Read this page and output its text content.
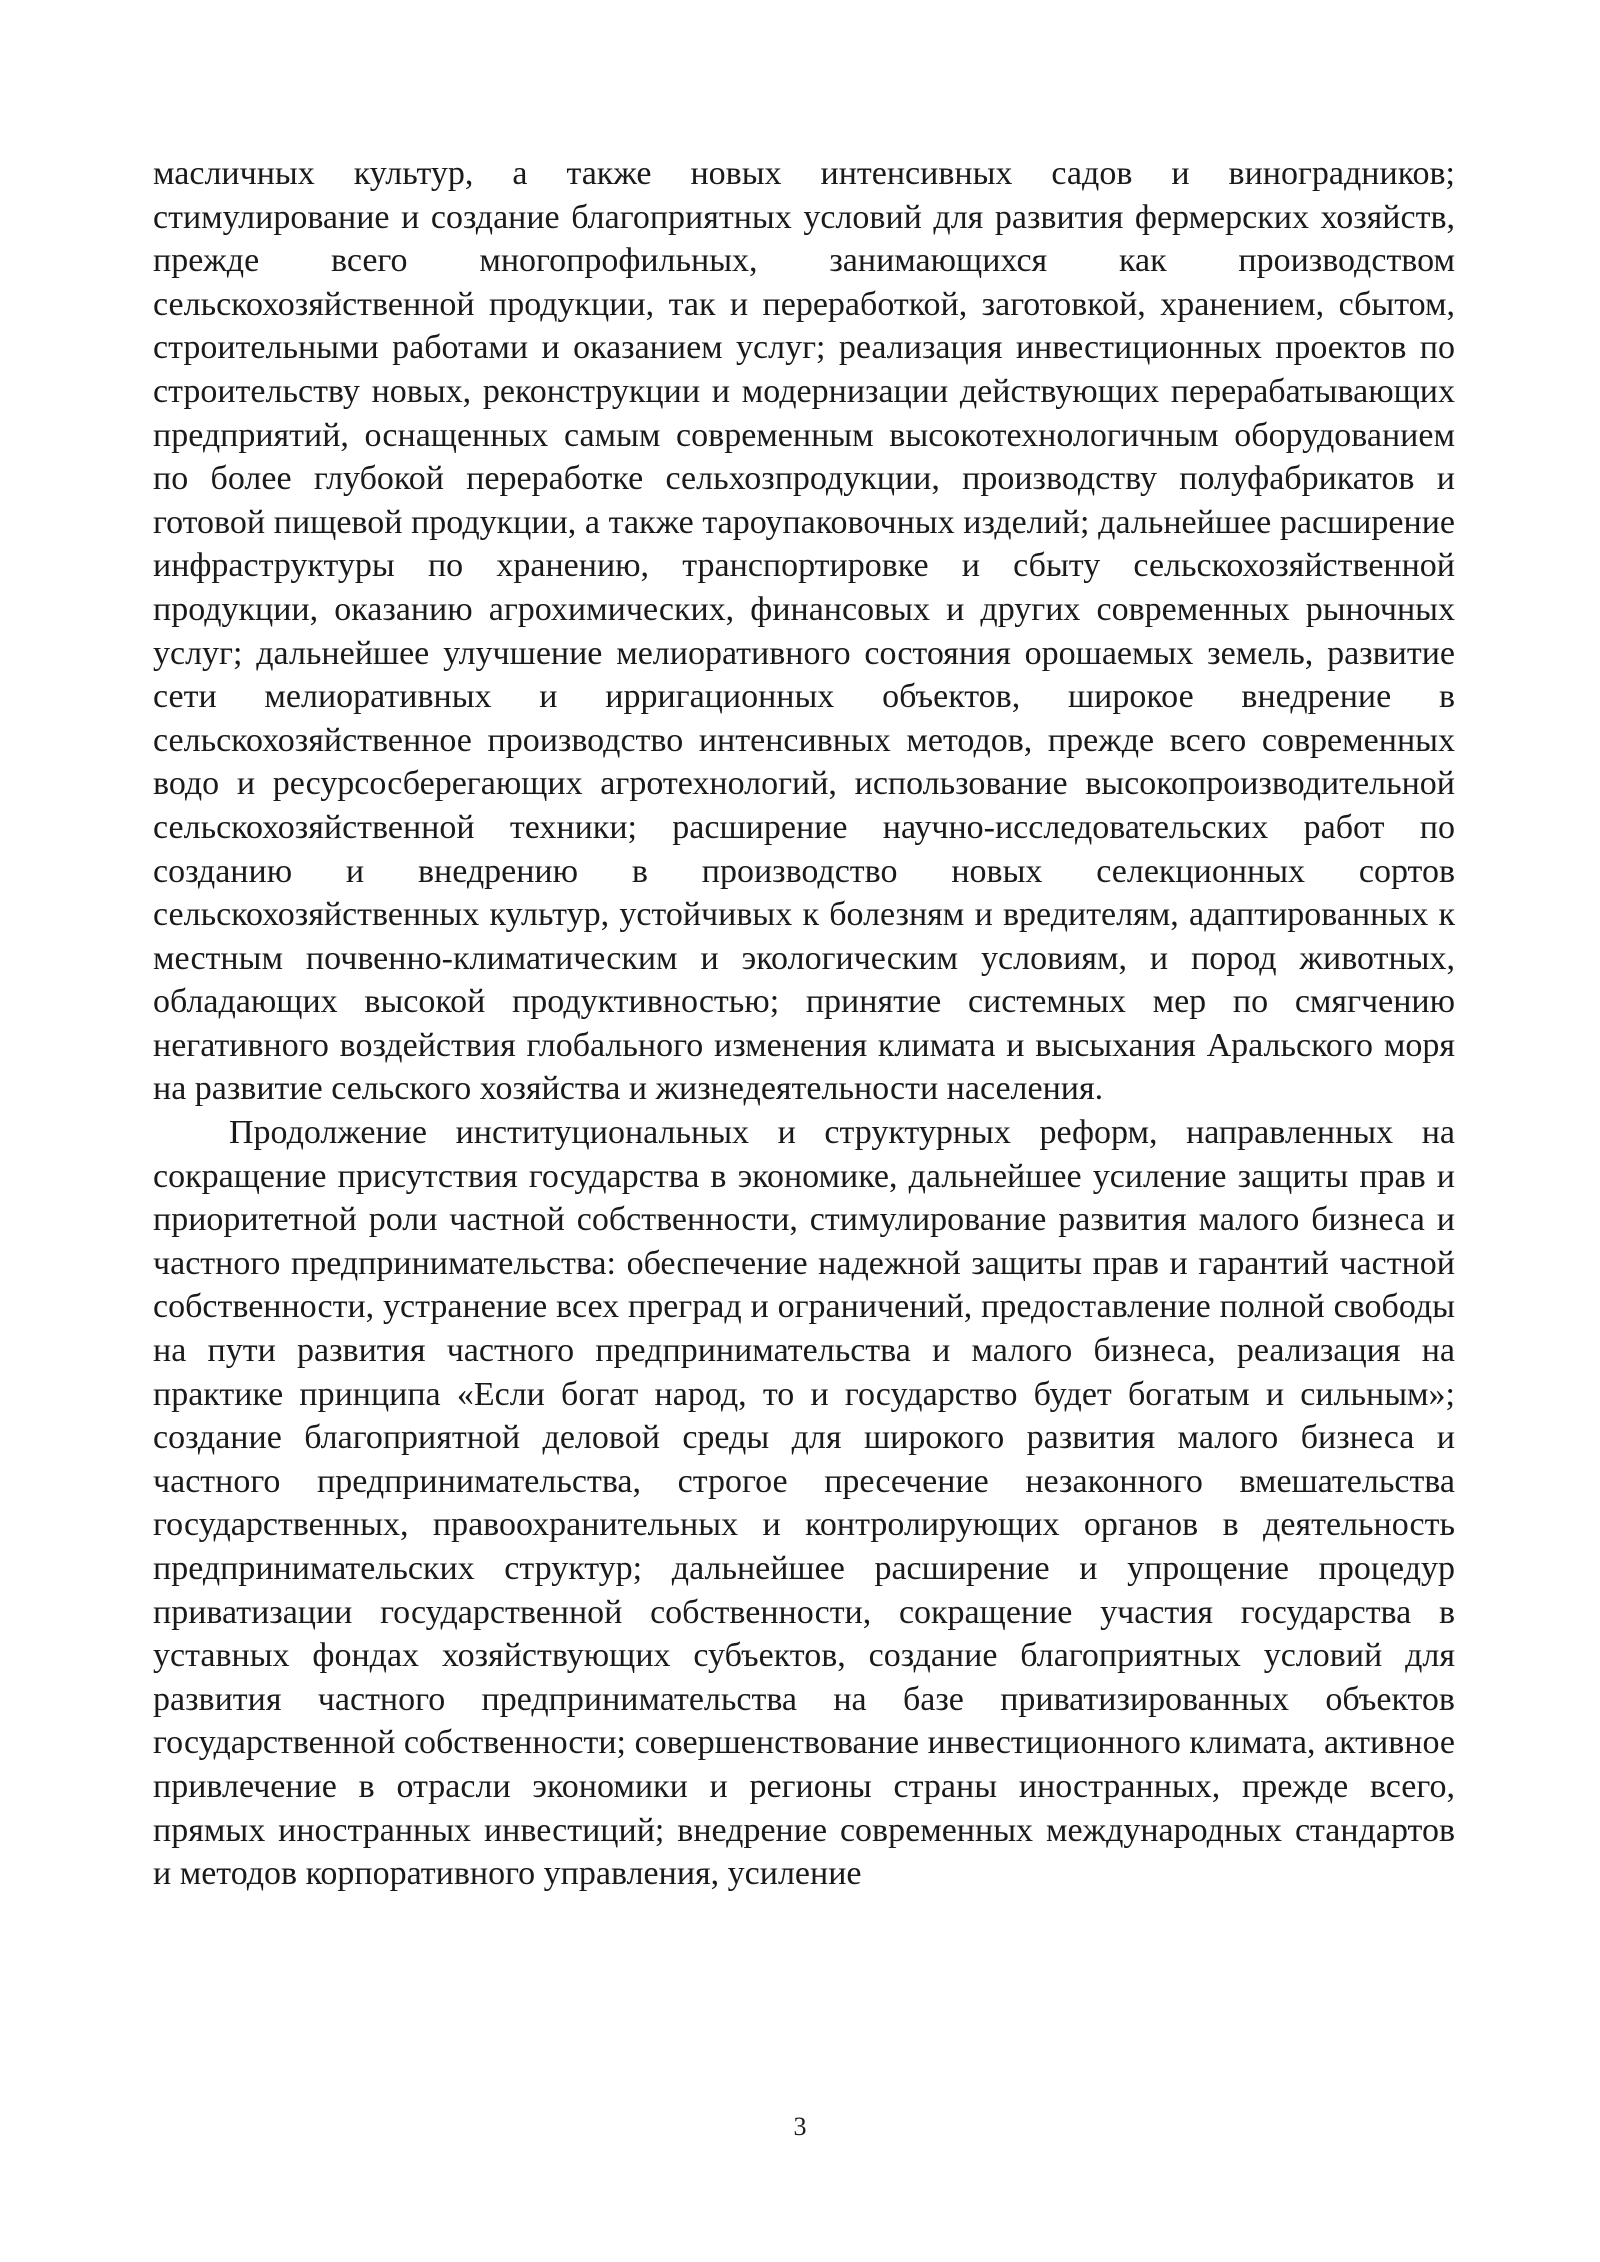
масличных культур, а также новых интенсивных садов и виноградников; стимулирование и создание благоприятных условий для развития фермерских хозяйств, прежде всего многопрофильных, занимающихся как производством сельскохозяйственной продукции, так и переработкой, заготовкой, хранением, сбытом, строительными работами и оказанием услуг; реализация инвестиционных проектов по строительству новых, реконструкции и модернизации действующих перерабатывающих предприятий, оснащенных самым современным высокотехнологичным оборудованием по более глубокой переработке сельхозпродукции, производству полуфабрикатов и готовой пищевой продукции, а также тароупаковочных изделий; дальнейшее расширение инфраструктуры по хранению, транспортировке и сбыту сельскохозяйственной продукции, оказанию агрохимических, финансовых и других современных рыночных услуг; дальнейшее улучшение мелиоративного состояния орошаемых земель, развитие сети мелиоративных и ирригационных объектов, широкое внедрение в сельскохозяйственное производство интенсивных методов, прежде всего современных водо и ресурсосберегающих агротехнологий, использование высокопроизводительной сельскохозяйственной техники; расширение научно-исследовательских работ по созданию и внедрению в производство новых селекционных сортов сельскохозяйственных культур, устойчивых к болезням и вредителям, адаптированных к местным почвенно-климатическим и экологическим условиям, и пород животных, обладающих высокой продуктивностью; принятие системных мер по смягчению негативного воздействия глобального изменения климата и высыхания Аральского моря на развитие сельского хозяйства и жизнедеятельности населения.

Продолжение институциональных и структурных реформ, направленных на сокращение присутствия государства в экономике, дальнейшее усиление защиты прав и приоритетной роли частной собственности, стимулирование развития малого бизнеса и частного предпринимательства: обеспечение надежной защиты прав и гарантий частной собственности, устранение всех преград и ограничений, предоставление полной свободы на пути развития частного предпринимательства и малого бизнеса, реализация на практике принципа «Если богат народ, то и государство будет богатым и сильным»; создание благоприятной деловой среды для широкого развития малого бизнеса и частного предпринимательства, строгое пресечение незаконного вмешательства государственных, правоохранительных и контролирующих органов в деятельность предпринимательских структур; дальнейшее расширение и упрощение процедур приватизации государственной собственности, сокращение участия государства в уставных фондах хозяйствующих субъектов, создание благоприятных условий для развития частного предпринимательства на базе приватизированных объектов государственной собственности; совершенствование инвестиционного климата, активное привлечение в отрасли экономики и регионы страны иностранных, прежде всего, прямых иностранных инвестиций; внедрение современных международных стандартов и методов корпоративного управления, усиление

3
